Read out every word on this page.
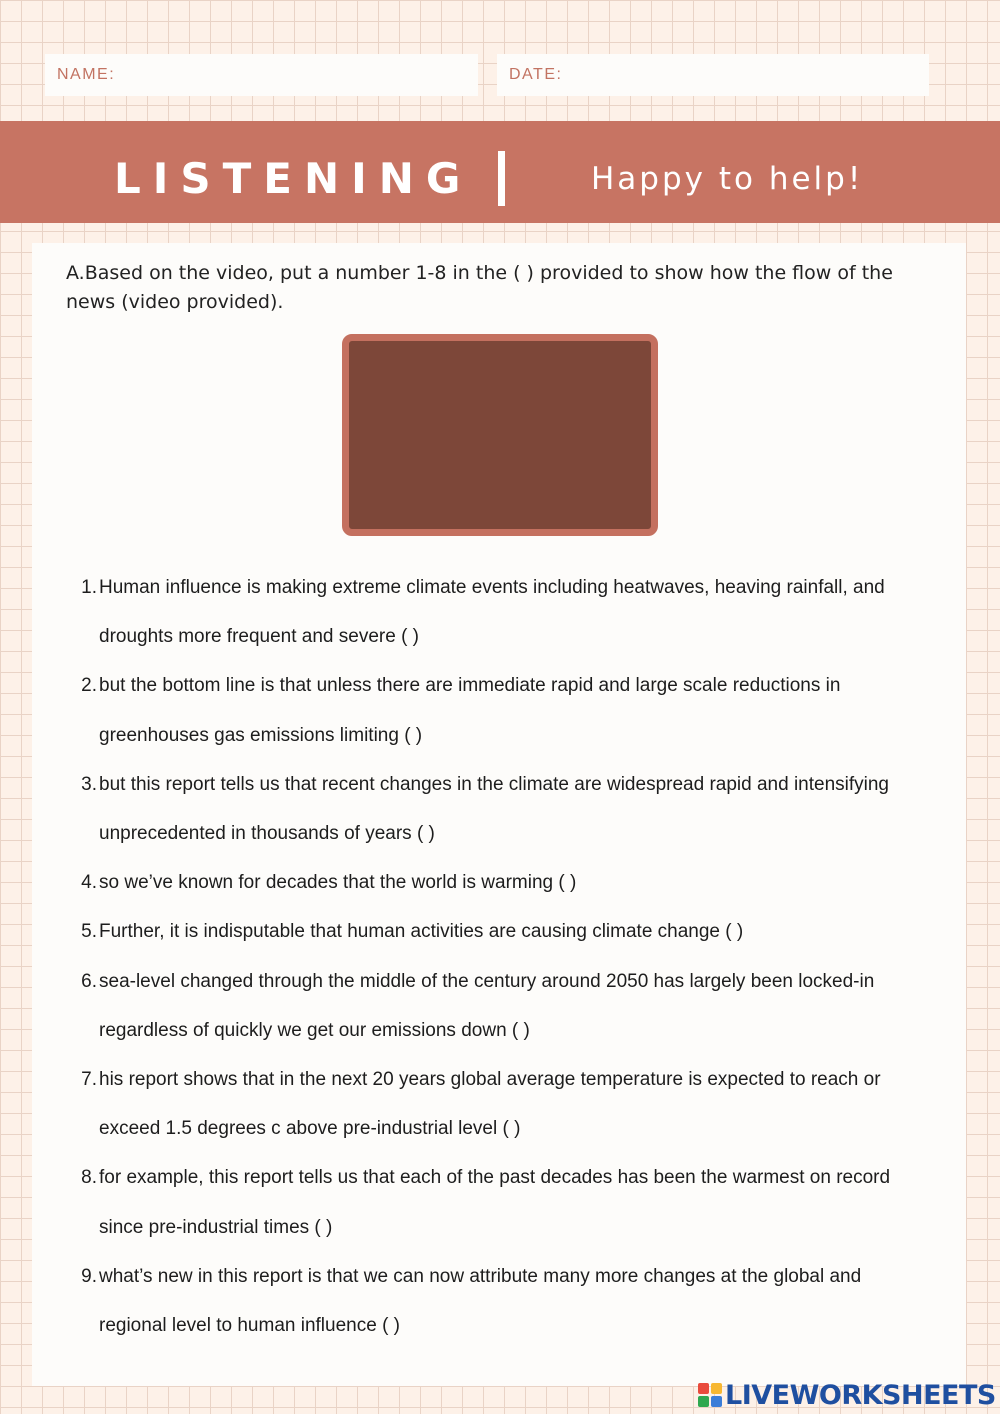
NAME:	DATE:
LISTENING	Happy to help!

A.Based on the video, put a number 1-8 in the ( ) provided to show how the flow of the news (video provided).

1. Human influence is making extreme climate events including heatwaves, heaving rainfall, and
droughts more frequent and severe ( )
2. but the bottom line is that unless there are immediate rapid and large scale reductions in
greenhouses gas emissions limiting ( )
3. but this report tells us that recent changes in the climate are widespread rapid and intensifying
unprecedented in thousands of years ( )
4. so we’ve known for decades that the world is warming ( )
5. Further, it is indisputable that human activities are causing climate change ( )
6. sea-level changed through the middle of the century around 2050 has largely been locked-in
regardless of quickly we get our emissions down ( )
7. his report shows that in the next 20 years global average temperature is expected to reach or
exceed 1.5 degrees c above pre-industrial level ( )
8. for example, this report tells us that each of the past decades has been the warmest on record
since pre-industrial times ( )
9. what’s new in this report is that we can now attribute many more changes at the global and
regional level to human influence ( )
LIVEWORKSHEETS
